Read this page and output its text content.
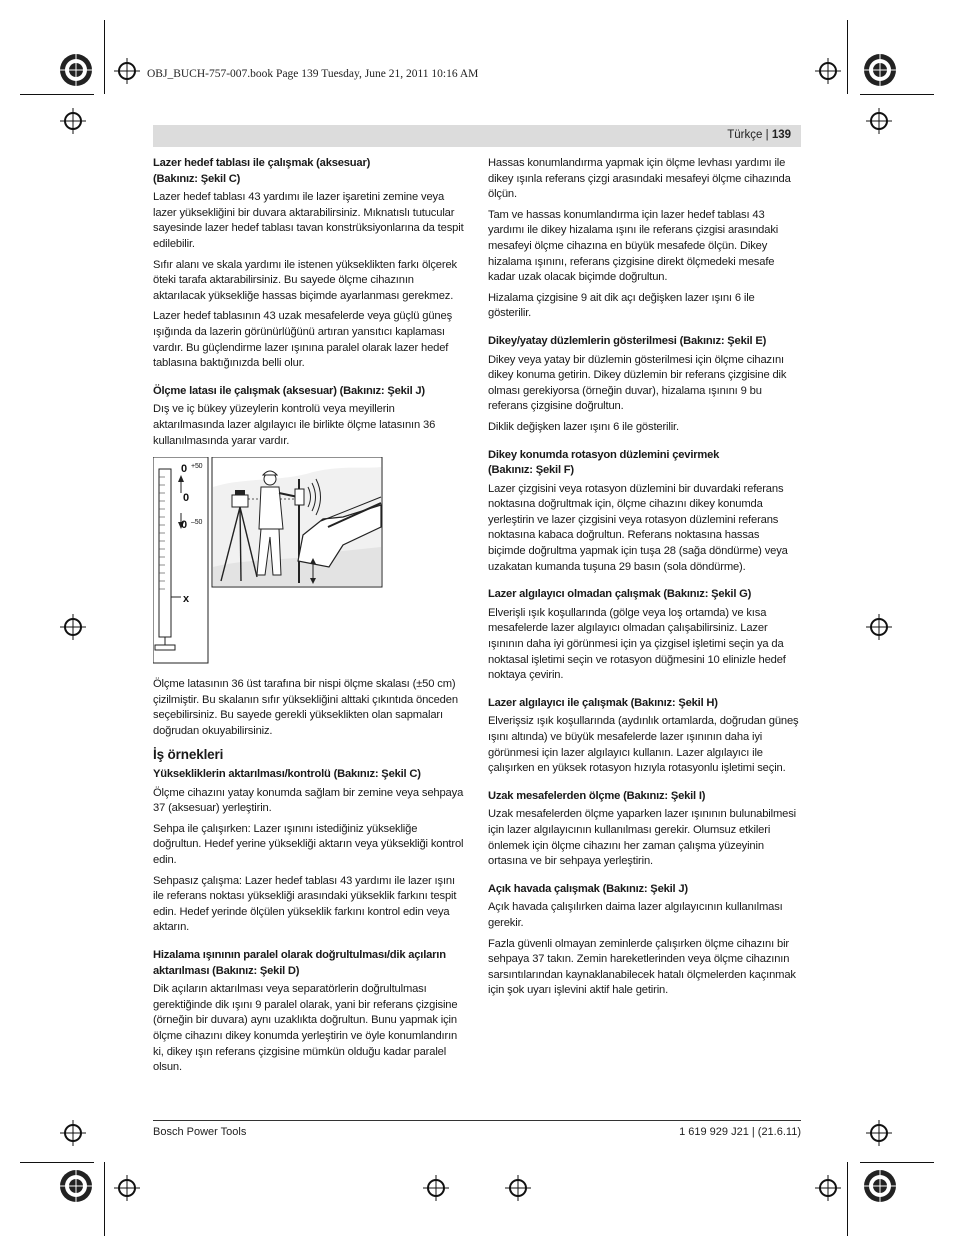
OBJ_BUCH-757-007.book Page 139 Tuesday, June 21, 2011 10:16 AM
Türkçe | 139
Lazer hedef tablası ile çalışmak (aksesuar)
(Bakınız: Şekil C)

Lazer hedef tablası 43 yardımı ile lazer işaretini zemine veya lazer yüksekliğini bir duvara aktarabilirsiniz. Mıknatıslı tutucular sayesinde lazer hedef tablası tavan konstrüksiyonlarına da tespit edilebilir.

Sıfır alanı ve skala yardımı ile istenen yükseklikten farkı ölçerek öteki tarafa aktarabilirsiniz. Bu sayede ölçme cihazının aktarılacak yüksekliğe hassas biçimde ayarlanması gerekmez.

Lazer hedef tablasının 43 uzak mesafelerde veya güçlü güneş ışığında da lazerin görünürlüğünü artıran yansıtıcı kaplaması vardır. Bu güçlendirme lazer ışınına paralel olarak lazer hedef tablasına baktığınızda belli olur.

Ölçme latası ile çalışmak (aksesuar) (Bakınız: Şekil J)

Dış ve iç bükey yüzeylerin kontrolü veya meyillerin aktarılmasında lazer algılayıcı ile birlikte ölçme latasının 36 kullanılmasında yarar vardır.

0 +50
0
0 –50
x

Ölçme latasının 36 üst tarafına bir nispi ölçme skalası (±50 cm) çizilmiştir. Bu skalanın sıfır yüksekliğini alttaki çıkıntıda önceden seçebilirsiniz. Bu sayede gerekli yükseklikten olan sapmaları doğrudan okuyabilirsiniz.

İş örnekleri
Yüksekliklerin aktarılması/kontrolü (Bakınız: Şekil C)

Ölçme cihazını yatay konumda sağlam bir zemine veya sehpaya 37 (aksesuar) yerleştirin.

Sehpa ile çalışırken: Lazer ışınını istediğiniz yüksekliğe doğrultun. Hedef yerine yüksekliği aktarın veya yüksekliği kontrol edin.

Sehpasız çalışma: Lazer hedef tablası 43 yardımı ile lazer ışını ile referans noktası yüksekliği arasındaki yükseklik farkını tespit edin. Hedef yerinde ölçülen yükseklik farkını kontrol edin veya aktarın.

Hizalama ışınının paralel olarak doğrultulması/dik açıların aktarılması (Bakınız: Şekil D)

Dik açıların aktarılması veya separatörlerin doğrultulması gerektiğinde dik ışını 9 paralel olarak, yani bir referans çizgisine (örneğin bir duvara) aynı uzaklıkta doğrultun. Bunu yapmak için ölçme cihazını dikey konumda yerleştirin ve öyle konumlandırın ki, dikey ışın referans çizgisine mümkün olduğu kadar paralel olsun.

Hassas konumlandırma yapmak için ölçme levhası yardımı ile dikey ışınla referans çizgi arasındaki mesafeyi ölçme cihazında ölçün.

Tam ve hassas konumlandırma için lazer hedef tablası 43 yardımı ile dikey hizalama ışını ile referans çizgisi arasındaki mesafeyi ölçme cihazına en büyük mesafede ölçün. Dikey hizalama ışınını, referans çizgisine direkt ölçmedeki mesafe kadar uzak olacak biçimde doğrultun.

Hizalama çizgisine 9 ait dik açı değişken lazer ışını 6 ile gösterilir.

Dikey/yatay düzlemlerin gösterilmesi (Bakınız: Şekil E)

Dikey veya yatay bir düzlemin gösterilmesi için ölçme cihazını dikey konuma getirin. Dikey düzlemin bir referans çizgisine dik olması gerekiyorsa (örneğin duvar), hizalama ışınını 9 bu referans çizgisine doğrultun.

Diklik değişken lazer ışını 6 ile gösterilir.

Dikey konumda rotasyon düzlemini çevirmek
(Bakınız: Şekil F)

Lazer çizgisini veya rotasyon düzlemini bir duvardaki referans noktasına doğrultmak için, ölçme cihazını dikey konumda yerleştirin ve lazer çizgisini veya rotasyon düzlemini referans noktasına kabaca doğrultun. Referans noktasına hassas biçimde doğrultma yapmak için tuşa 28 (sağa döndürme) veya uzakatan kumanda tuşuna 29 basın (sola döndürme).

Lazer algılayıcı olmadan çalışmak (Bakınız: Şekil G)

Elverişli ışık koşullarında (gölge veya loş ortamda) ve kısa mesafelerde lazer algılayıcı olmadan çalışabilirsiniz. Lazer ışınının daha iyi görünmesi için ya çizgisel işletimi seçin ya da noktasal işletimi seçin ve rotasyon düğmesini 10 elinizle hedef noktaya çevirin.

Lazer algılayıcı ile çalışmak (Bakınız: Şekil H)

Elverişsiz ışık koşullarında (aydınlık ortamlarda, doğrudan güneş ışını altında) ve büyük mesafelerde lazer ışınının daha iyi görünmesi için lazer algılayıcı kullanın. Lazer algılayıcı ile çalışırken en yüksek rotasyon hızıyla rotasyonlu işletimi seçin.

Uzak mesafelerden ölçme (Bakınız: Şekil I)

Uzak mesafelerden ölçme yaparken lazer ışınının bulunabilmesi için lazer algılayıcının kullanılması gerekir. Olumsuz etkileri önlemek için ölçme cihazını her zaman çalışma yüzeyinin ortasına ve bir sehpaya yerleştirin.

Açık havada çalışmak (Bakınız: Şekil J)

Açık havada çalışılırken daima lazer algılayıcının kullanılması gerekir.

Fazla güvenli olmayan zeminlerde çalışırken ölçme cihazını bir sehpaya 37 takın. Zemin hareketlerinden veya ölçme cihazının sarsıntılarından kaynaklanabilecek hatalı ölçmelerden kaçınmak için şok uyarı işlevini aktif hale getirin.

Bosch Power Tools	1 619 929 J21 | (21.6.11)
